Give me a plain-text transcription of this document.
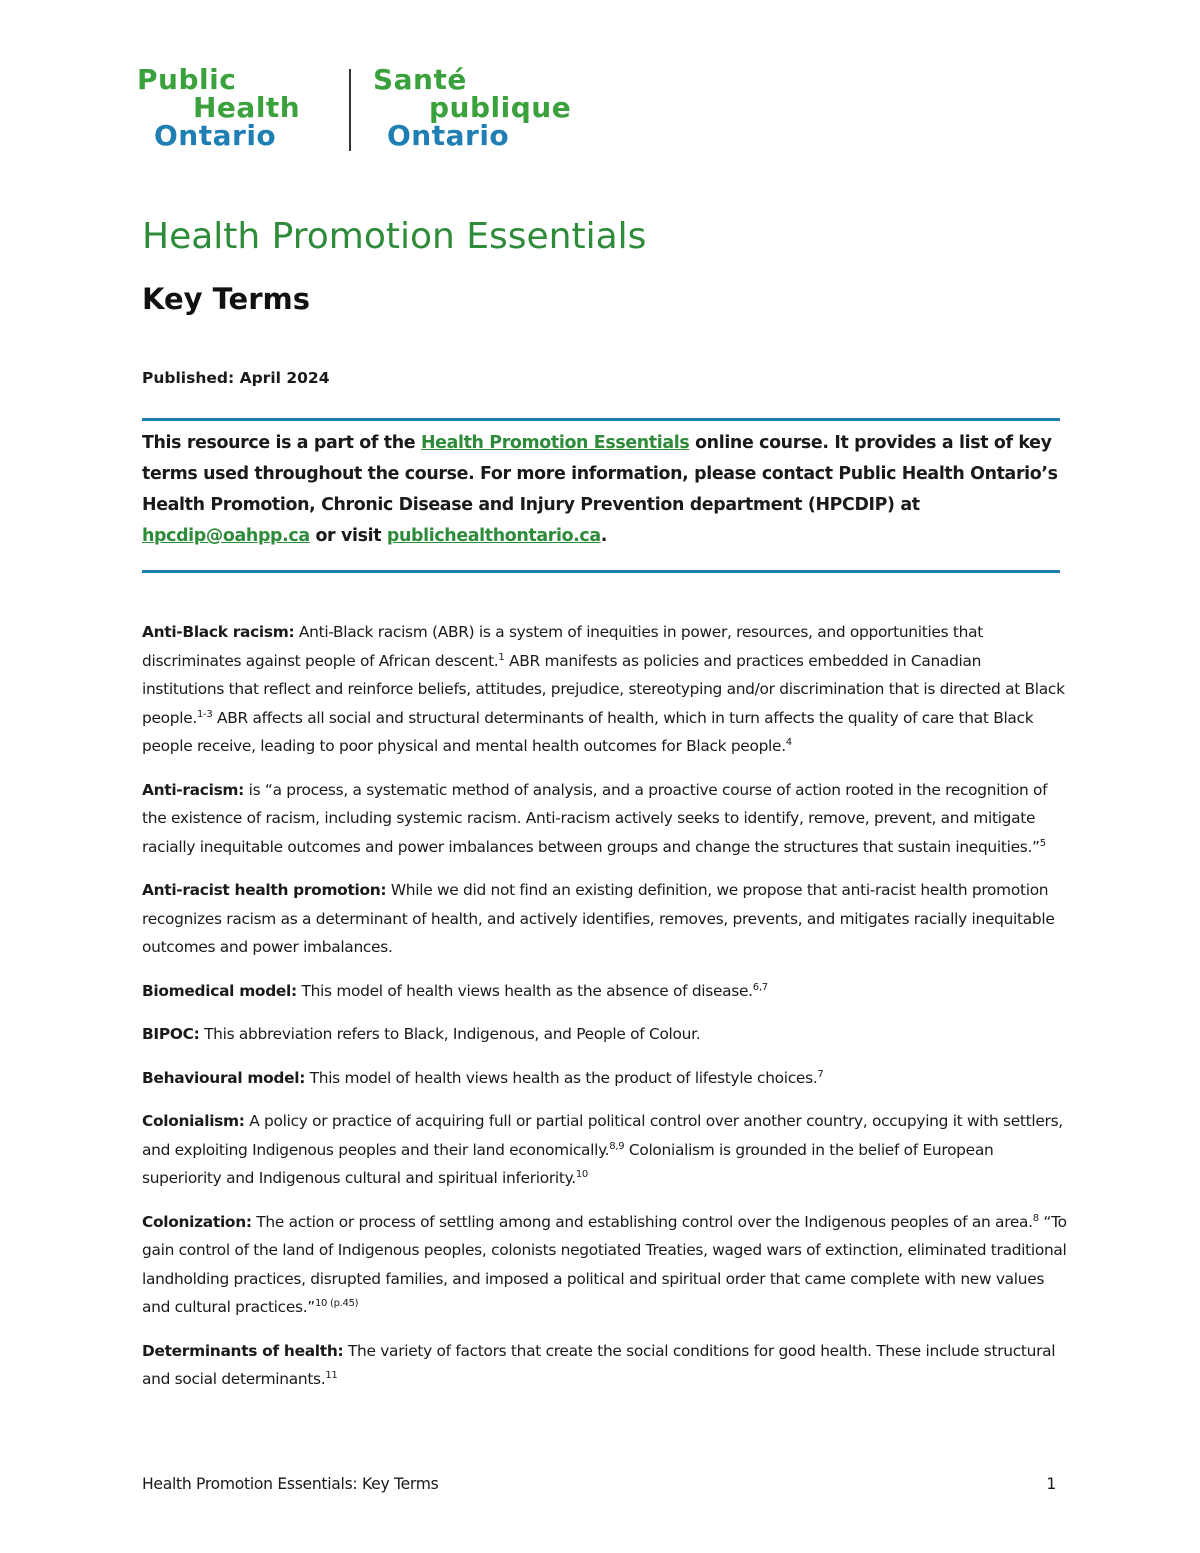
Public
Health
Ontario
Santé
publique
Ontario
Health Promotion Essentials
Key Terms
Published: April 2024
This resource is a part of the Health Promotion Essentials online course. It provides a list of key terms used throughout the course. For more information, please contact Public Health Ontario’s Health Promotion, Chronic Disease and Injury Prevention department (HPCDIP) at hpcdip@oahpp.ca or visit publichealthontario.ca.

Anti-Black racism: Anti-Black racism (ABR) is a system of inequities in power, resources, and opportunities that discriminates against people of African descent.$^1$ ABR manifests as policies and practices embedded in Canadian institutions that reflect and reinforce beliefs, attitudes, prejudice, stereotyping and/or discrimination that is directed at Black people.$^{1-3}$ ABR affects all social and structural determinants of health, which in turn affects the quality of care that Black people receive, leading to poor physical and mental health outcomes for Black people.$^4$

Anti-racism: is “a process, a systematic method of analysis, and a proactive course of action rooted in the recognition of the existence of racism, including systemic racism. Anti-racism actively seeks to identify, remove, prevent, and mitigate racially inequitable outcomes and power imbalances between groups and change the structures that sustain inequities.”$^5$

Anti-racist health promotion: While we did not find an existing definition, we propose that anti-racist health promotion recognizes racism as a determinant of health, and actively identifies, removes, prevents, and mitigates racially inequitable outcomes and power imbalances.

Biomedical model: This model of health views health as the absence of disease.$^{6,7}$

BIPOC: This abbreviation refers to Black, Indigenous, and People of Colour.

Behavioural model: This model of health views health as the product of lifestyle choices.$^7$

Colonialism: A policy or practice of acquiring full or partial political control over another country, occupying it with settlers, and exploiting Indigenous peoples and their land economically.$^{8,9}$ Colonialism is grounded in the belief of European superiority and Indigenous cultural and spiritual inferiority.$^{10}$

Colonization: The action or process of settling among and establishing control over the Indigenous peoples of an area.$^8$ “To gain control of the land of Indigenous peoples, colonists negotiated Treaties, waged wars of extinction, eliminated traditional landholding practices, disrupted families, and imposed a political and spiritual order that came complete with new values and cultural practices.”$^{10 (p.45)}$

Determinants of health: The variety of factors that create the social conditions for good health. These include structural and social determinants.$^{11}$

Health Promotion Essentials: Key Terms	1
